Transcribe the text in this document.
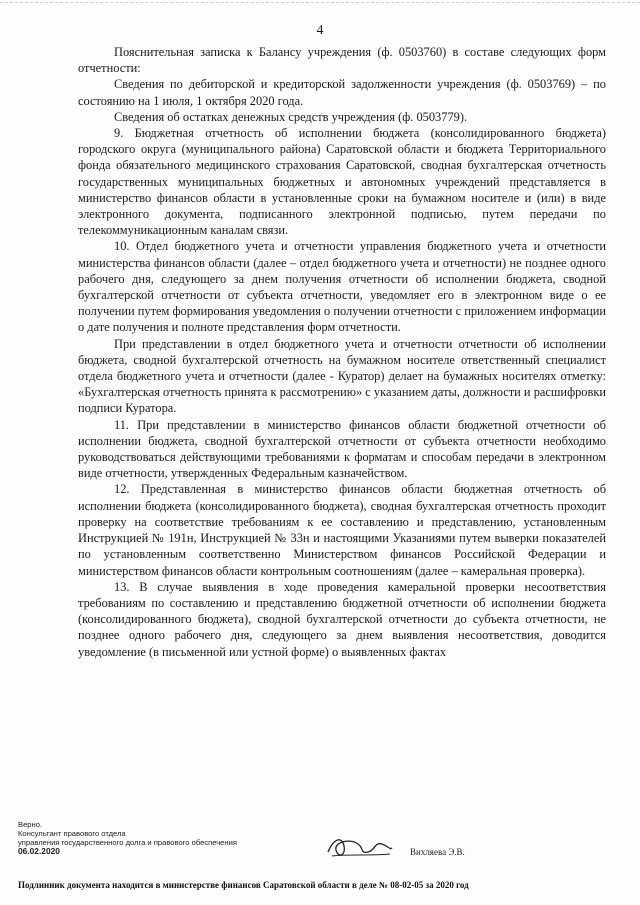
4

Пояснительная записка к Балансу учреждения (ф. 0503760) в составе следующих форм отчетности:

Сведения по дебиторской и кредиторской задолженности учреждения (ф. 0503769) – по состоянию на 1 июля, 1 октября 2020 года.

Сведения об остатках денежных средств учреждения (ф. 0503779).

9. Бюджетная отчетность об исполнении бюджета (консолидированного бюджета) городского округа (муниципального района) Саратовской области и бюджета Территориального фонда обязательного медицинского страхования Саратовской, сводная бухгалтерская отчетность государственных муниципальных бюджетных и автономных учреждений представляется в министерство финансов области в установленные сроки на бумажном носителе и (или) в виде электронного документа, подписанного электронной подписью, путем передачи по телекоммуникационным каналам связи.

10. Отдел бюджетного учета и отчетности управления бюджетного учета и отчетности министерства финансов области (далее – отдел бюджетного учета и отчетности) не позднее одного рабочего дня, следующего за днем получения отчетности об исполнении бюджета, сводной бухгалтерской отчетности от субъекта отчетности, уведомляет его в электронном виде о ее получении путем формирования уведомления о получении отчетности с приложением информации о дате получения и полноте представления форм отчетности.

При представлении в отдел бюджетного учета и отчетности отчетности об исполнении бюджета, сводной бухгалтерской отчетность на бумажном носителе ответственный специалист отдела бюджетного учета и отчетности (далее - Куратор) делает на бумажных носителях отметку: «Бухгалтерская отчетность принята к рассмотрению» с указанием даты, должности и расшифровки подписи Куратора.

11. При представлении в министерство финансов области бюджетной отчетности об исполнении бюджета, сводной бухгалтерской отчетности от субъекта отчетности необходимо руководствоваться действующими требованиями к форматам и способам передачи в электронном виде отчетности, утвержденных Федеральным казначейством.

12. Представленная в министерство финансов области бюджетная отчетность об исполнении бюджета (консолидированного бюджета), сводная бухгалтерская отчетность проходит проверку на соответствие требованиям к ее составлению и представлению, установленным Инструкцией № 191н, Инструкцией № 33н и настоящими Указаниями путем выверки показателей по установленным соответственно Министерством финансов Российской Федерации и министерством финансов области контрольным соотношениям (далее – камеральная проверка).

13. В случае выявления в ходе проведения камеральной проверки несоответствия требованиям по составлению и представлению бюджетной отчетности об исполнении бюджета (консолидированного бюджета), сводной бухгалтерской отчетности до субъекта отчетности, не позднее одного рабочего дня, следующего за днем выявления несоответствия, доводится уведомление (в письменной или устной форме) о выявленных фактах

Верно.
Консультант правового отдела
управления государственного долга и правового обеспечения
06.02.2020	Вихляева Э.В.
Подлинник документа находится в министерстве финансов Саратовской области в деле № 08-02-05 за 2020 год
